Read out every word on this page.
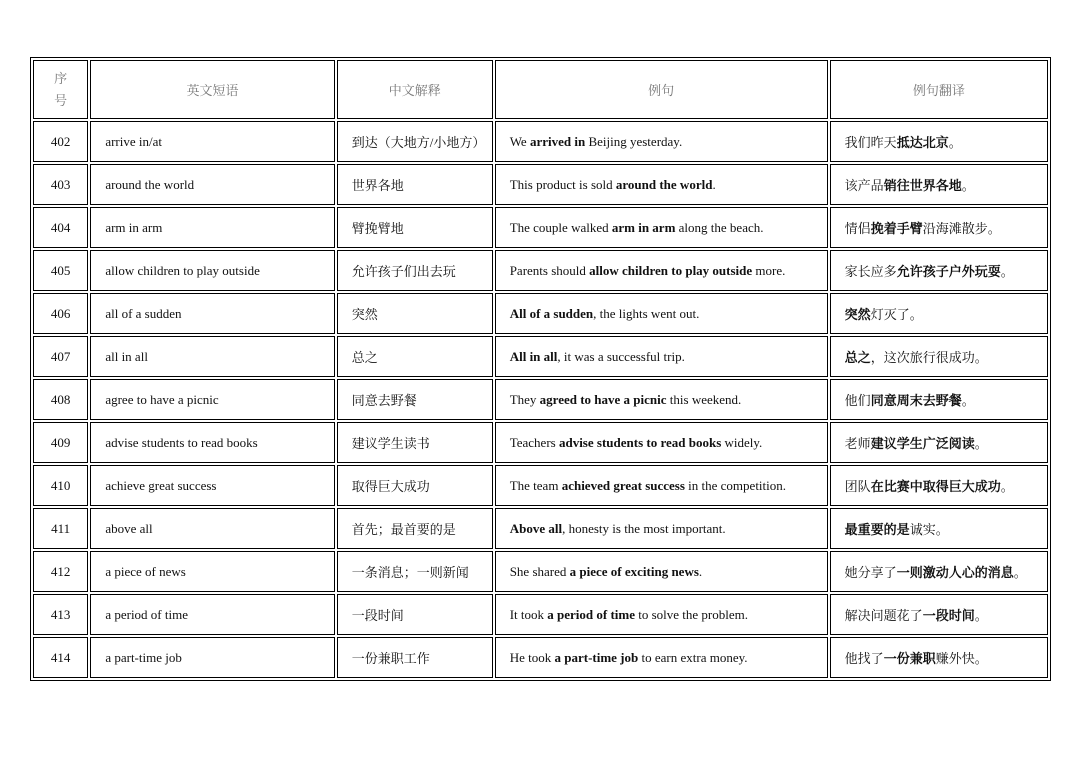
序号	英文短语	中文解释	例句	例句翻译
402	arrive in/at	到达（大地方/小地方）	We arrived in Beijing yesterday.	我们昨天抵达北京。
403	around the world	世界各地	This product is sold around the world.	该产品销往世界各地。
404	arm in arm	臂挽臂地	The couple walked arm in arm along the beach.	情侣挽着手臂沿海滩散步。
405	allow children to play outside	允许孩子们出去玩	Parents should allow children to play outside more.	家长应多允许孩子户外玩耍。
406	all of a sudden	突然	All of a sudden, the lights went out.	突然灯灭了。
407	all in all	总之	All in all, it was a successful trip.	总之，这次旅行很成功。
408	agree to have a picnic	同意去野餐	They agreed to have a picnic this weekend.	他们同意周末去野餐。
409	advise students to read books	建议学生读书	Teachers advise students to read books widely.	老师建议学生广泛阅读。
410	achieve great success	取得巨大成功	The team achieved great success in the competition.	团队在比赛中取得巨大成功。
411	above all	首先；最首要的是	Above all, honesty is the most important.	最重要的是诚实。
412	a piece of news	一条消息；一则新闻	She shared a piece of exciting news.	她分享了一则激动人心的消息。
413	a period of time	一段时间	It took a period of time to solve the problem.	解决问题花了一段时间。
414	a part-time job	一份兼职工作	He took a part-time job to earn extra money.	他找了一份兼职赚外快。
